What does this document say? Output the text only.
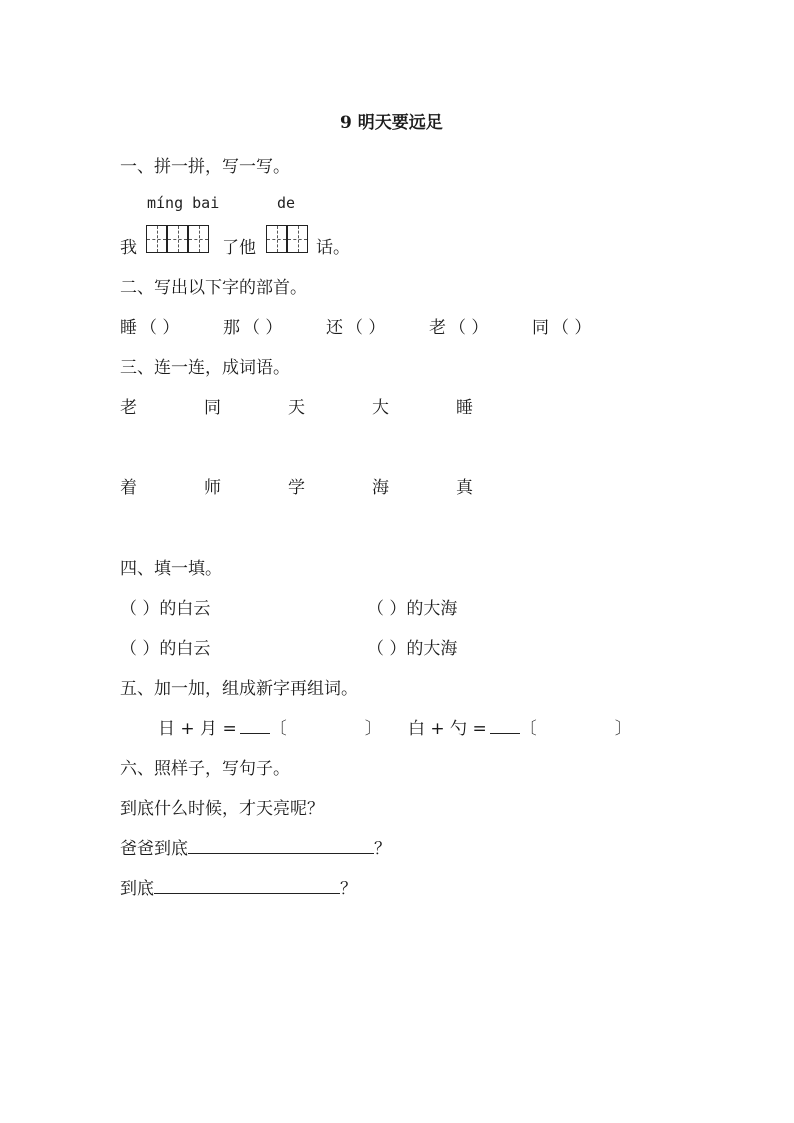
9 明天要远足
一、拼一拼，写一写。
míng bai	de
我	了他	话。
二、写出以下字的部首。
睡 （ ）	那 （ ）	还 （ ）	老 （ ）	同 （ ）
三、连一连，成词语。
老	同	天	大	睡
着	师	学	海	真
四、填一填。
（ ）的白云	（ ）的大海
（ ）的白云	（ ）的大海
五、加一加，组成新字再组词。
日 + 月 = 〔	〕 白 + 勺 = 〔	〕
六、照样子，写句子。
到底什么时候，才天亮呢？
爸爸到底	？
到底	？
